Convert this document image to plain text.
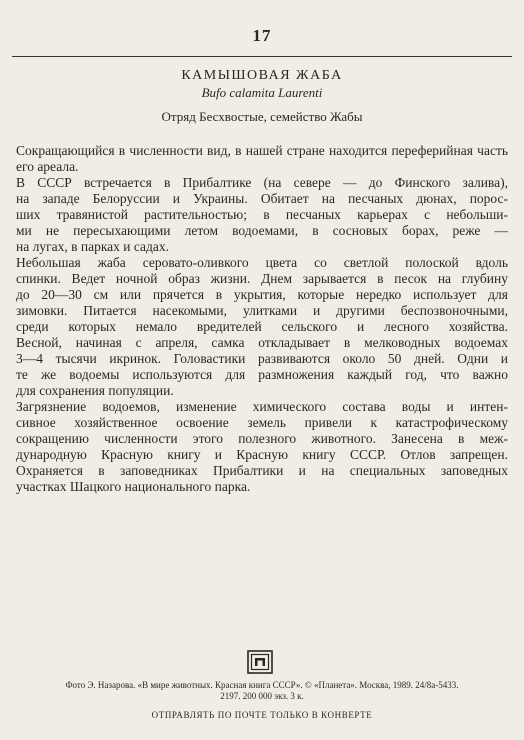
17
КАМЫШОВАЯ ЖАБА
Bufo calamita Laurenti
Отряд Бесхвостые, семейство Жабы
Сокращающийся в численности вид, в нашей стране находится переферийная часть его ареала.
В СССР встречается в Прибалтике (на севере — до Финского залива),
на западе Белоруссии и Украины. Обитает на песчаных дюнах, порос-
ших травянистой растительностью; в песчаных карьерах с небольши-
ми не пересыхающими летом водоемами, в сосновых борах, реже —
на лугах, в парках и садах.
Небольшая жаба серовато-оливкого цвета со светлой полоской вдоль
спинки. Ведет ночной образ жизни. Днем зарывается в песок на глубину
до 20—30 см или прячется в укрытия, которые нередко использует для
зимовки. Питается насекомыми, улитками и другими беспозвоночными,
среди которых немало вредителей сельского и лесного хозяйства.
Весной, начиная с апреля, самка откладывает в мелководных водоемах
3—4 тысячи икринок. Головастики развиваются около 50 дней. Одни и
те же водоемы используются для размножения каждый год, что важно
для сохранения популяции.
Загрязнение водоемов, изменение химического состава воды и интен-
сивное хозяйственное освоение земель привели к катастрофическому
сокращению численности этого полезного животного. Занесена в меж-
дународную Красную книгу и Красную книгу СССР. Отлов запрещен.
Охраняется в заповедниках Прибалтики и на специальных заповедных
участках Шацкого национального парка.
Фото Э. Назарова. «В мире животных. Красная книга СССР». © «Планета». Москва, 1989. 24/8а-5433.
2197. 200 000 экз. 3 к.
ОТПРАВЛЯТЬ ПО ПОЧТЕ ТОЛЬКО В КОНВЕРТЕ
